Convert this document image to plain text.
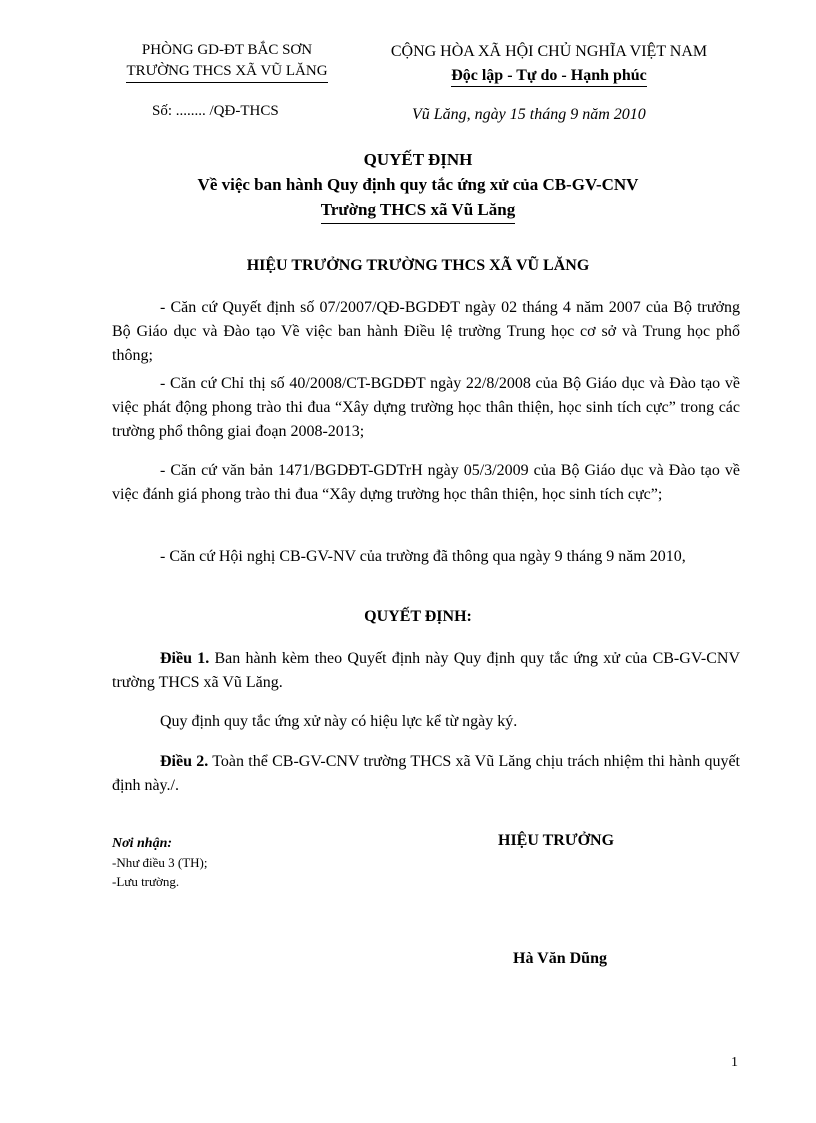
PHÒNG GD-ĐT BẮC SƠN
TRƯỜNG THCS XÃ VŨ LĂNG
Số: ........ /QĐ-THCS
CỘNG HÒA XÃ HỘI CHỦ NGHĨA VIỆT NAM
Độc lập - Tự do - Hạnh phúc
Vũ Lăng, ngày 15 tháng 9 năm 2010
QUYẾT ĐỊNH
Về việc ban hành Quy định quy tắc ứng xử của CB-GV-CNV
Trường THCS xã Vũ Lăng
HIỆU TRƯỞNG TRƯỜNG THCS XÃ VŨ LĂNG
- Căn cứ Quyết định số 07/2007/QĐ-BGDĐT ngày 02 tháng 4 năm 2007 của Bộ trưởng Bộ Giáo dục và Đào tạo Về việc ban hành Điều lệ trường Trung học cơ sở và Trung học phổ thông;
- Căn cứ Chỉ thị số 40/2008/CT-BGDĐT ngày 22/8/2008 của Bộ Giáo dục và Đào tạo về việc phát động phong trào thi đua “Xây dựng trường học thân thiện, học sinh tích cực” trong các trường phổ thông giai đoạn 2008-2013;
- Căn cứ văn bản 1471/BGDĐT-GDTrH ngày 05/3/2009 của Bộ Giáo dục và Đào tạo về việc đánh giá phong trào thi đua “Xây dựng trường học thân thiện, học sinh tích cực”;
- Căn cứ Hội nghị CB-GV-NV của trường đã thông qua ngày 9 tháng 9 năm 2010,
QUYẾT ĐỊNH:
Điều 1. Ban hành kèm theo Quyết định này Quy định quy tắc ứng xử của CB-GV-CNV trường THCS xã Vũ Lăng.
Quy định quy tắc ứng xử này có hiệu lực kể từ ngày ký.
Điều 2. Toàn thể CB-GV-CNV trường THCS xã Vũ Lăng chịu trách nhiệm thi hành quyết định này./.
Nơi nhận:
-Như điều 3 (TH);
-Lưu trường.
HIỆU TRƯỞNG
Hà Văn Dũng
1
